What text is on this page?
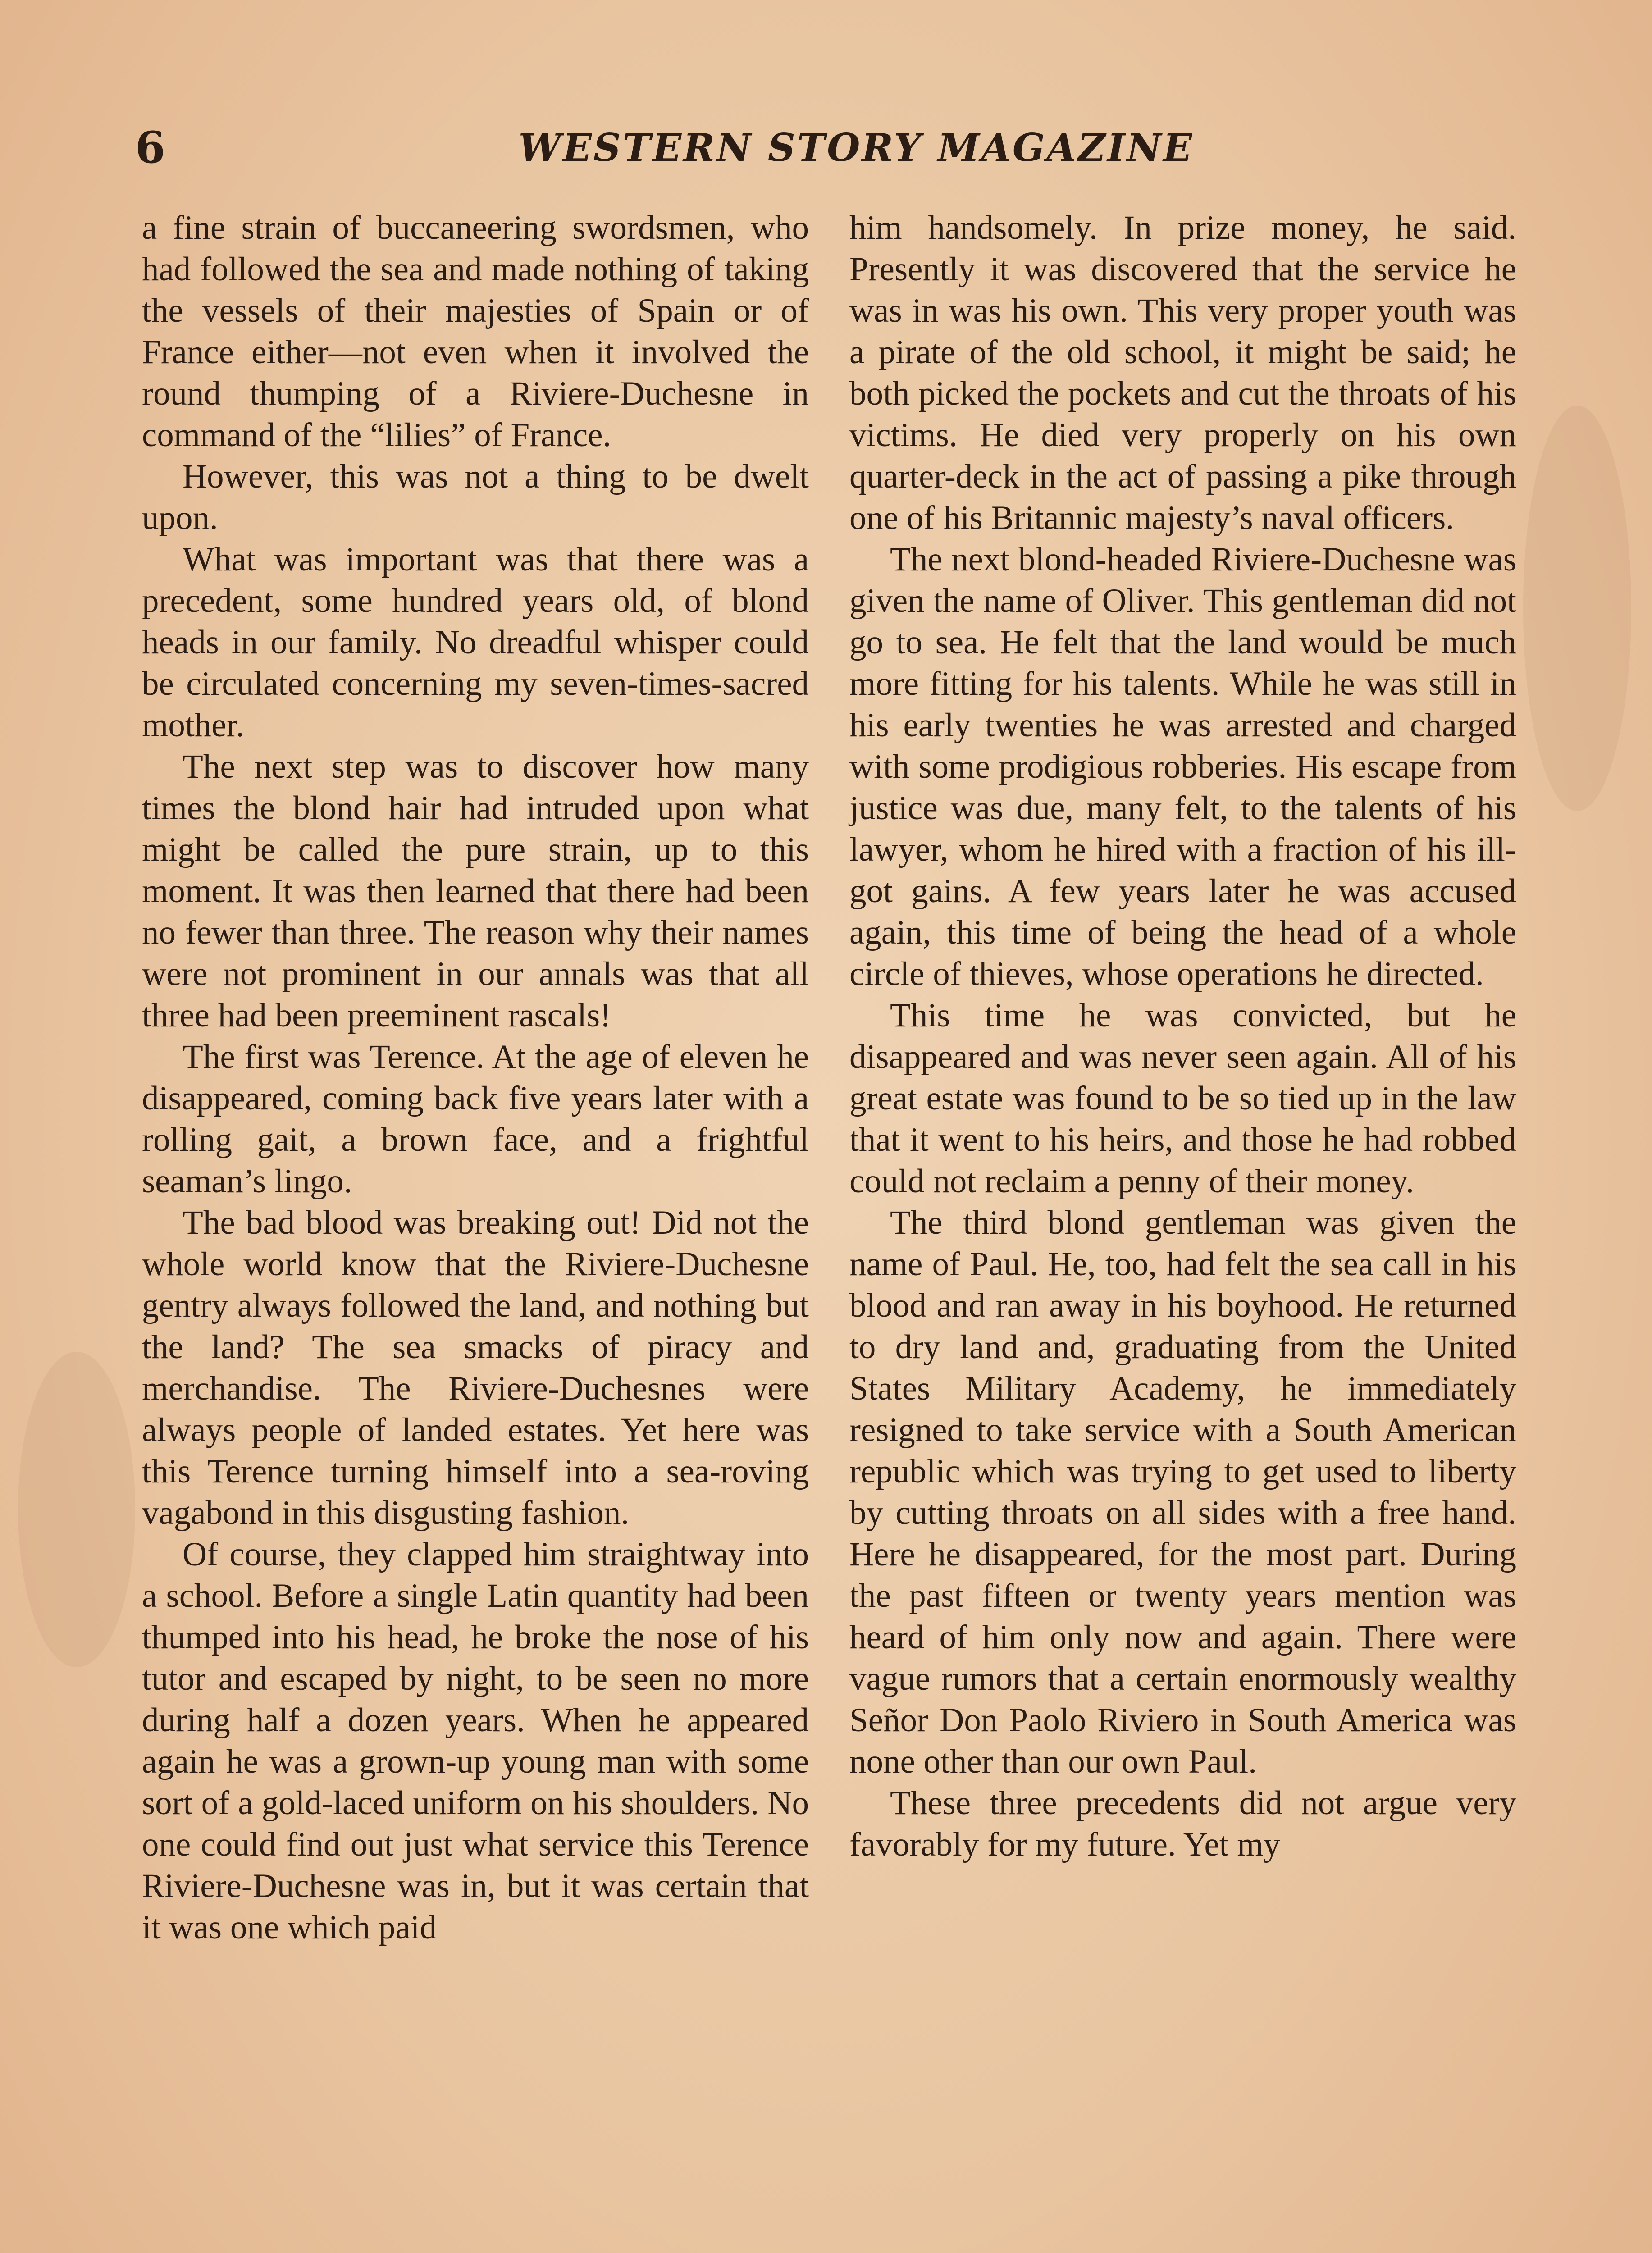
6	WESTERN STORY MAGAZINE

a fine strain of buccaneering swordsmen, who had followed the sea and made nothing of taking the vessels of their majesties of Spain or of France either—not even when it involved the round thumping of a Riviere-Duchesne in command of the “lilies” of France.

However, this was not a thing to be dwelt upon.

What was important was that there was a precedent, some hundred years old, of blond heads in our family. No dreadful whisper could be circulated concerning my seven-times-sacred mother.

The next step was to discover how many times the blond hair had intruded upon what might be called the pure strain, up to this moment. It was then learned that there had been no fewer than three. The reason why their names were not prominent in our annals was that all three had been preeminent rascals!

The first was Terence. At the age of eleven he disappeared, coming back five years later with a rolling gait, a brown face, and a frightful seaman’s lingo.

The bad blood was breaking out! Did not the whole world know that the Riviere-Duchesne gentry always followed the land, and nothing but the land? The sea smacks of piracy and merchandise. The Riviere-Duchesnes were always people of landed estates. Yet here was this Terence turning himself into a sea-roving vagabond in this disgusting fashion.

Of course, they clapped him straightway into a school. Before a single Latin quantity had been thumped into his head, he broke the nose of his tutor and escaped by night, to be seen no more during half a dozen years. When he appeared again he was a grown-up young man with some sort of a gold-laced uniform on his shoulders. No one could find out just what service this Terence Riviere-Duchesne was in, but it was certain that it was one which paid

him handsomely. In prize money, he said. Presently it was discovered that the service he was in was his own. This very proper youth was a pirate of the old school, it might be said; he both picked the pockets and cut the throats of his victims. He died very properly on his own quarter-deck in the act of passing a pike through one of his Britannic majesty’s naval officers.

The next blond-headed Riviere-Duchesne was given the name of Oliver. This gentleman did not go to sea. He felt that the land would be much more fitting for his talents. While he was still in his early twenties he was arrested and charged with some prodigious robberies. His escape from justice was due, many felt, to the talents of his lawyer, whom he hired with a fraction of his ill-got gains. A few years later he was accused again, this time of being the head of a whole circle of thieves, whose operations he directed.

This time he was convicted, but he disappeared and was never seen again. All of his great estate was found to be so tied up in the law that it went to his heirs, and those he had robbed could not reclaim a penny of their money.

The third blond gentleman was given the name of Paul. He, too, had felt the sea call in his blood and ran away in his boyhood. He returned to dry land and, graduating from the United States Military Academy, he immediately resigned to take service with a South American republic which was trying to get used to liberty by cutting throats on all sides with a free hand. Here he disappeared, for the most part. During the past fifteen or twenty years mention was heard of him only now and again. There were vague rumors that a certain enormously wealthy Señor Don Paolo Riviero in South America was none other than our own Paul.

These three precedents did not argue very favorably for my future. Yet my
